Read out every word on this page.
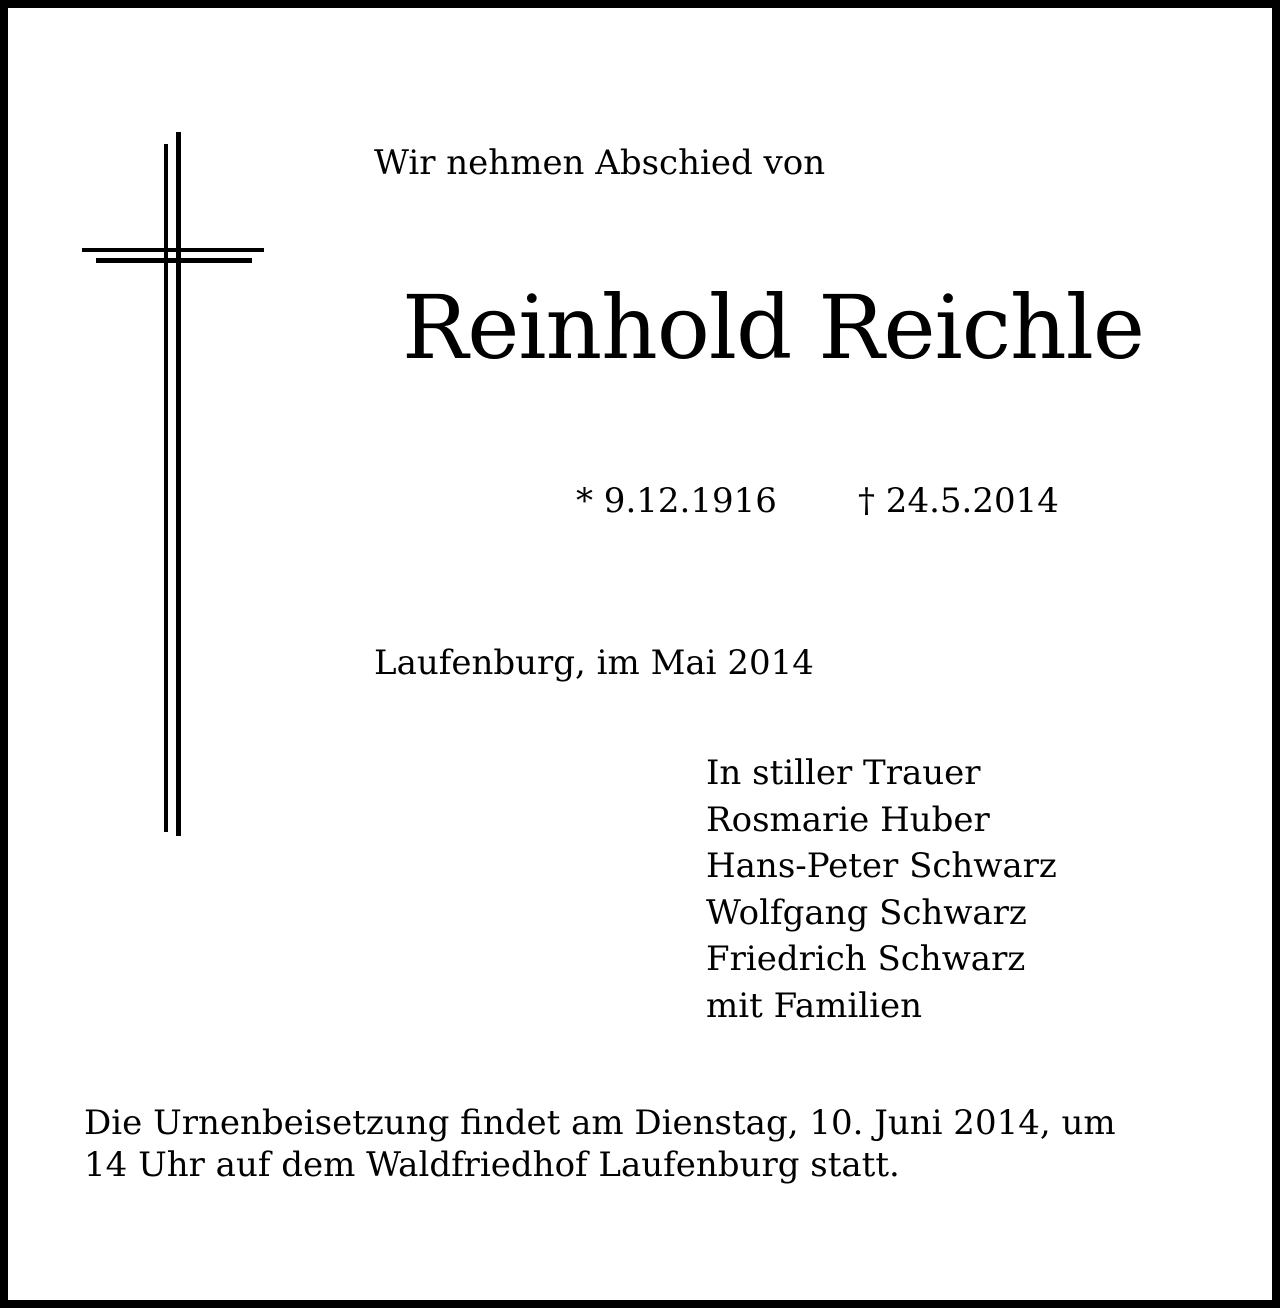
Wir nehmen Abschied von
Reinhold Reichle
* 9.12.1916 † 24.5.2014
Laufenburg, im Mai 2014
In stiller Trauer
Rosmarie Huber
Hans-Peter Schwarz
Wolfgang Schwarz
Friedrich Schwarz
mit Familien
Die Urnenbeisetzung findet am Dienstag, 10. Juni 2014, um
14 Uhr auf dem Waldfriedhof Laufenburg statt.
